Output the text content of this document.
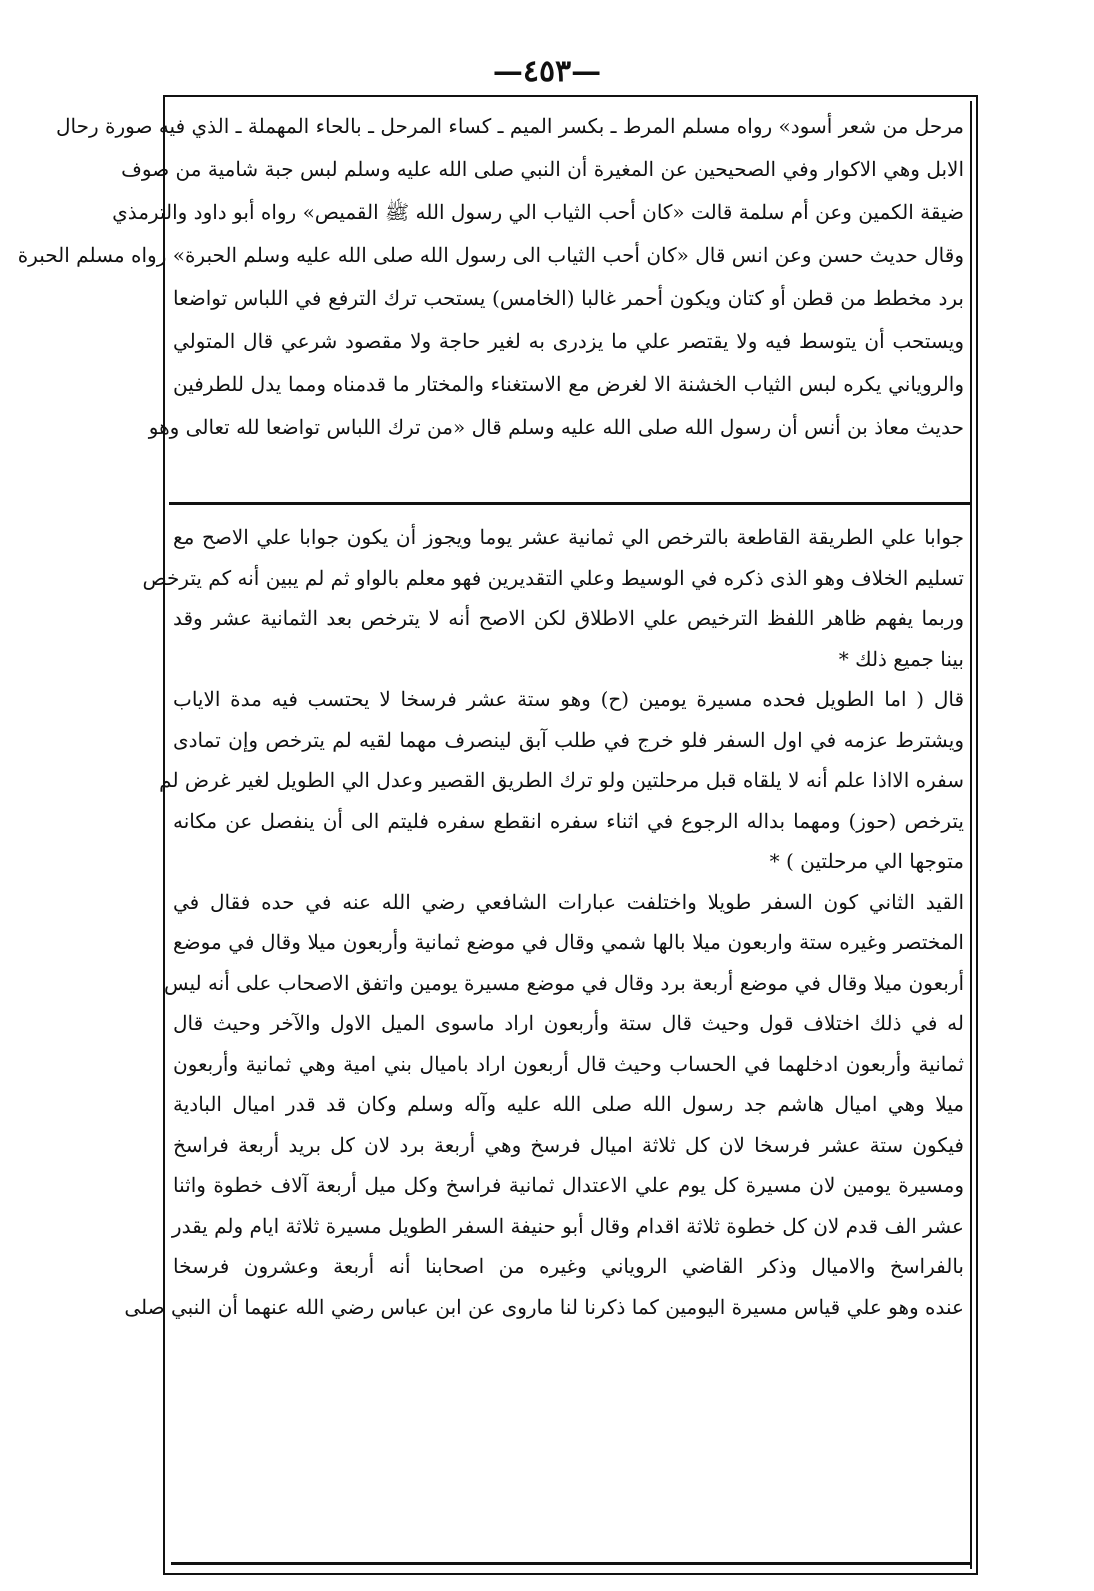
—٤٥٣—
مرحل من شعر أسود» رواه مسلم المرط ـ بكسر الميم ـ كساء المرحل ـ بالحاء المهملة ـ الذي فيه صورة رحال
الابل وهي الاكوار وفي الصحيحين عن المغيرة أن النبي صلى الله عليه وسلم لبس جبة شامية من صوف
ضيقة الكمين وعن أم سلمة قالت «كان أحب الثياب الي رسول الله ﷺ القميص» رواه أبو داود والترمذي
وقال حديث حسن وعن انس قال «كان أحب الثياب الى رسول الله صلى الله عليه وسلم الحبرة» رواه مسلم الحبرة
برد مخطط من قطن أو كتان ويكون أحمر غالبا (الخامس) يستحب ترك الترفع في اللباس تواضعا
ويستحب أن يتوسط فيه ولا يقتصر علي ما يزدرى به لغير حاجة ولا مقصود شرعي قال المتولي
والروياني يكره لبس الثياب الخشنة الا لغرض مع الاستغناء والمختار ما قدمناه ومما يدل للطرفين
حديث معاذ بن أنس أن رسول الله صلى الله عليه وسلم قال «من ترك اللباس تواضعا لله تعالى وهو
جوابا علي الطريقة القاطعة بالترخص الي ثمانية عشر يوما ويجوز أن يكون جوابا علي الاصح مع
تسليم الخلاف وهو الذى ذكره في الوسيط وعلي التقديرين فهو معلم بالواو ثم لم يبين أنه كم يترخص
وربما يفهم ظاهر اللفظ الترخيص علي الاطلاق لكن الاصح أنه لا يترخص بعد الثمانية عشر وقد
بينا جميع ذلك *
قال ( اما الطويل فحده مسيرة يومين (ح) وهو ستة عشر فرسخا لا يحتسب فيه مدة الاياب
ويشترط عزمه في اول السفر فلو خرج في طلب آبق لينصرف مهما لقيه لم يترخص وإن تمادى
سفره الااذا علم أنه لا يلقاه قبل مرحلتين ولو ترك الطريق القصير وعدل الي الطويل لغير غرض لم
يترخص (حوز) ومهما بداله الرجوع في اثناء سفره انقطع سفره فليتم الى أن ينفصل عن مكانه
متوجها الي مرحلتين ) *
القيد الثاني كون السفر طويلا واختلفت عبارات الشافعي رضي الله عنه في حده فقال في
المختصر وغيره ستة واربعون ميلا بالها شمي وقال في موضع ثمانية وأربعون ميلا وقال في موضع
أربعون ميلا وقال في موضع أربعة برد وقال في موضع مسيرة يومين واتفق الاصحاب على أنه ليس
له في ذلك اختلاف قول وحيث قال ستة وأربعون اراد ماسوى الميل الاول والآخر وحيث قال
ثمانية وأربعون ادخلهما في الحساب وحيث قال أربعون اراد باميال بني امية وهي ثمانية وأربعون
ميلا وهي اميال هاشم جد رسول الله صلى الله عليه وآله وسلم وكان قد قدر اميال البادية
فيكون ستة عشر فرسخا لان كل ثلاثة اميال فرسخ وهي أربعة برد لان كل بريد أربعة فراسخ
ومسيرة يومين لان مسيرة كل يوم علي الاعتدال ثمانية فراسخ وكل ميل أربعة آلاف خطوة واثنا
عشر الف قدم لان كل خطوة ثلاثة اقدام وقال أبو حنيفة السفر الطويل مسيرة ثلاثة ايام ولم يقدر
بالفراسخ والاميال وذكر القاضي الروياني وغيره من اصحابنا أنه أربعة وعشرون فرسخا
عنده وهو علي قياس مسيرة اليومين كما ذكرنا لنا ماروى عن ابن عباس رضي الله عنهما أن النبي صلى
